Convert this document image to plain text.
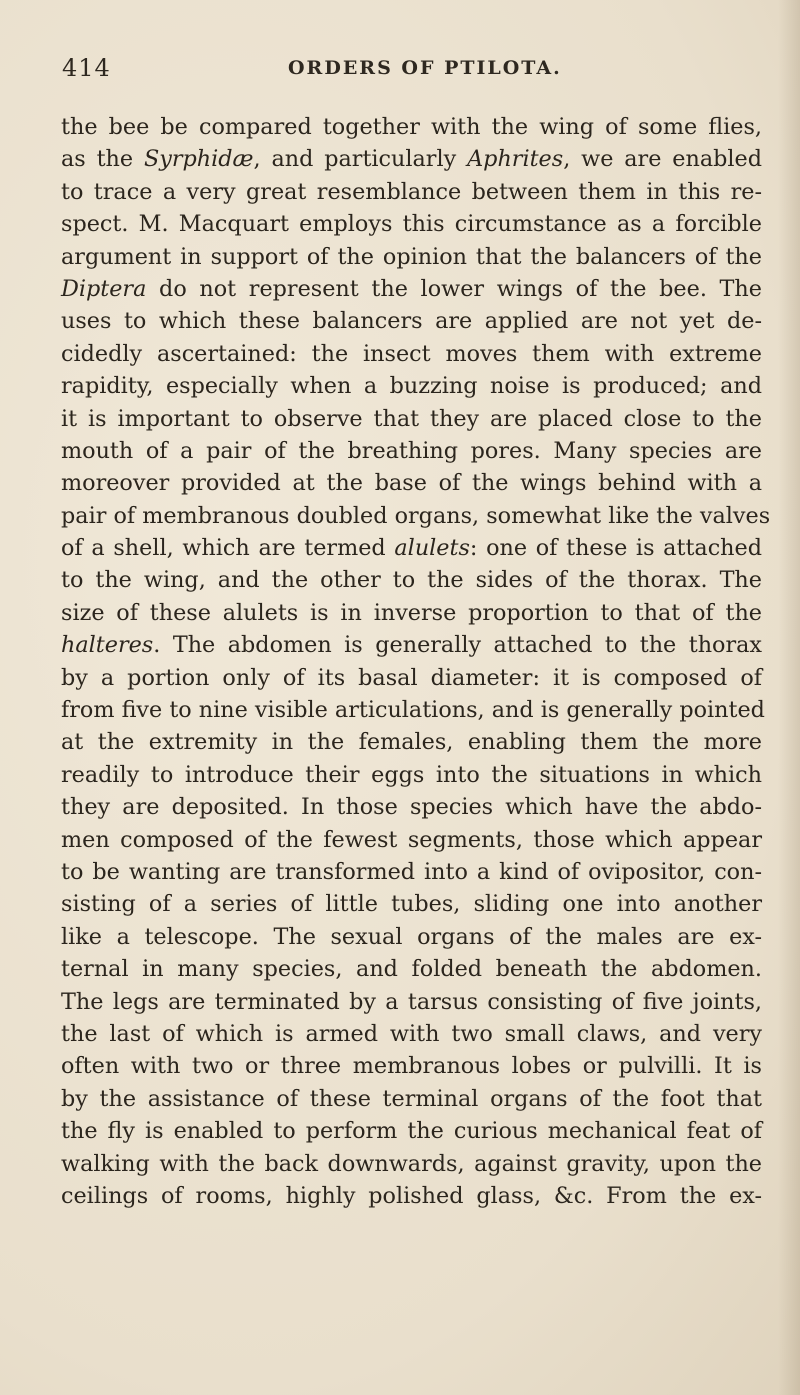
414	ORDERS OF PTILOTA.
the bee be compared together with the wing of some flies,
as the Syrphidæ, and particularly Aphrites, we are enabled
to trace a very great resemblance between them in this re-
spect. M. Macquart employs this circumstance as a forcible
argument in support of the opinion that the balancers of the
Diptera do not represent the lower wings of the bee. The
uses to which these balancers are applied are not yet de-
cidedly ascertained: the insect moves them with extreme
rapidity, especially when a buzzing noise is produced; and
it is important to observe that they are placed close to the
mouth of a pair of the breathing pores. Many species are
moreover provided at the base of the wings behind with a
pair of membranous doubled organs, somewhat like the valves
of a shell, which are termed alulets: one of these is attached
to the wing, and the other to the sides of the thorax. The
size of these alulets is in inverse proportion to that of the
halteres. The abdomen is generally attached to the thorax
by a portion only of its basal diameter: it is composed of
from five to nine visible articulations, and is generally pointed
at the extremity in the females, enabling them the more
readily to introduce their eggs into the situations in which
they are deposited. In those species which have the abdo-
men composed of the fewest segments, those which appear
to be wanting are transformed into a kind of ovipositor, con-
sisting of a series of little tubes, sliding one into another
like a telescope. The sexual organs of the males are ex-
ternal in many species, and folded beneath the abdomen.
The legs are terminated by a tarsus consisting of five joints,
the last of which is armed with two small claws, and very
often with two or three membranous lobes or pulvilli. It is
by the assistance of these terminal organs of the foot that
the fly is enabled to perform the curious mechanical feat of
walking with the back downwards, against gravity, upon the
ceilings of rooms, highly polished glass, &c. From the ex-
